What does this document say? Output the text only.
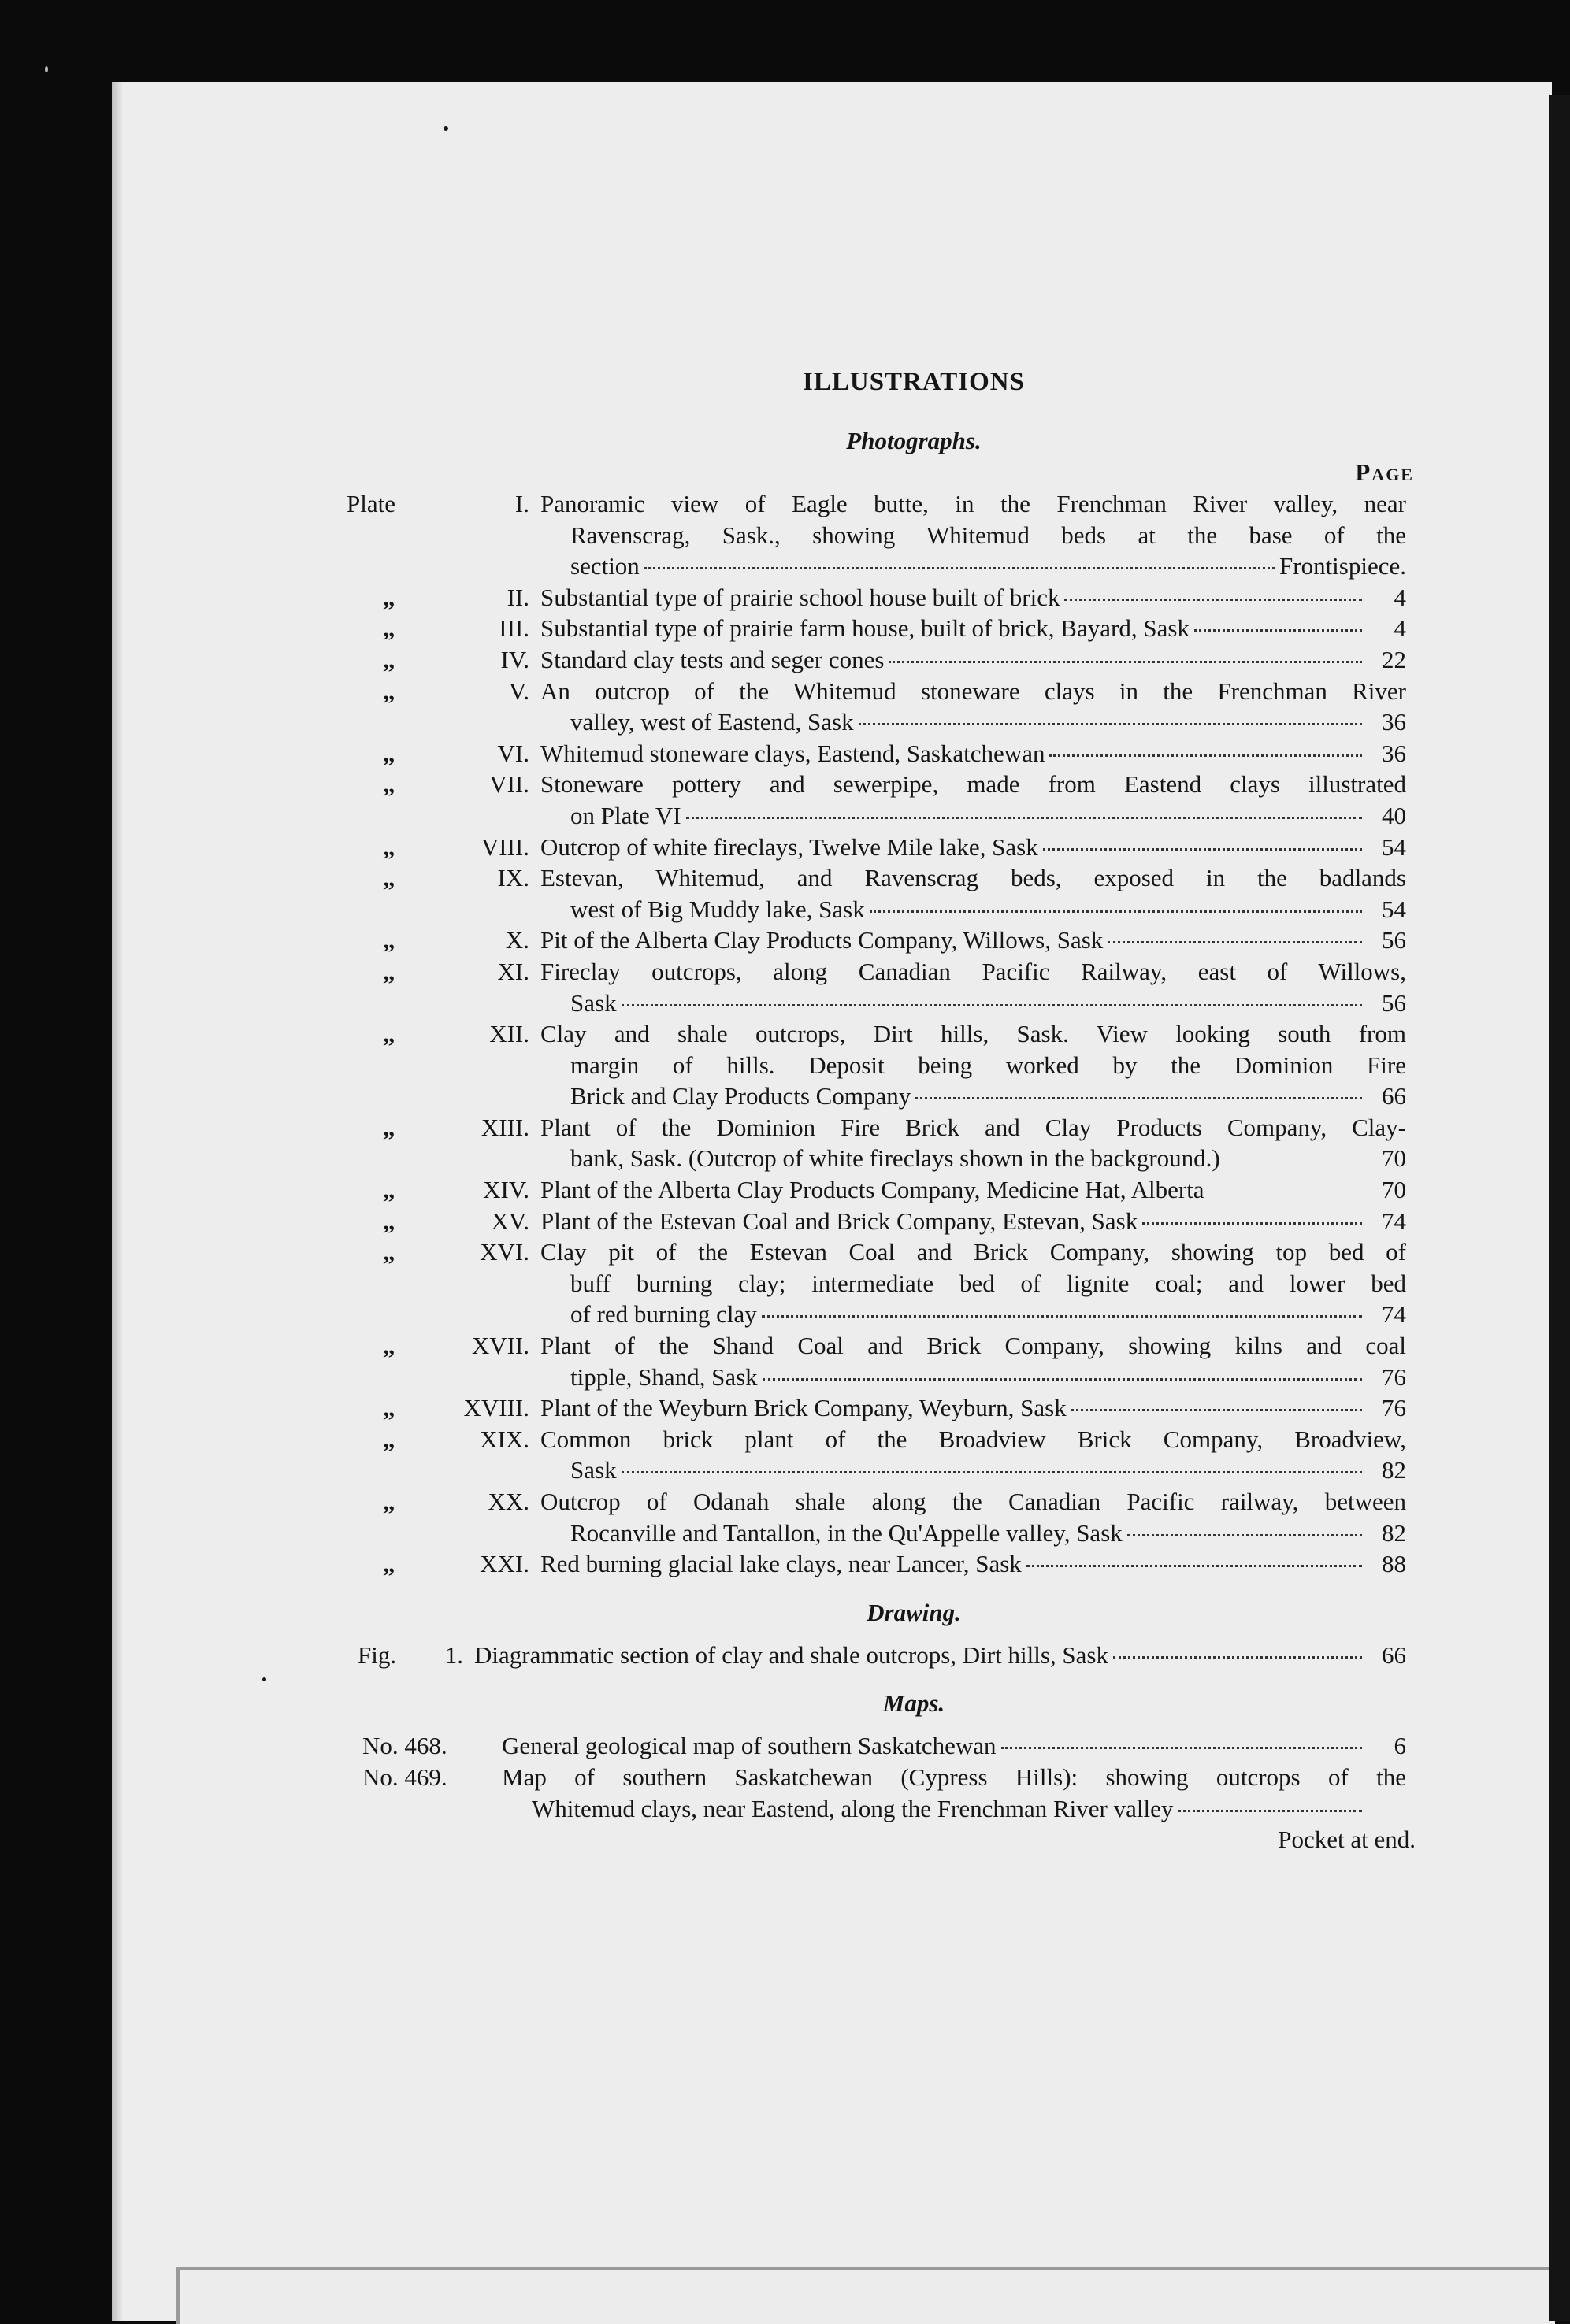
ILLUSTRATIONS
Photographs.
Page
Plate	I. Panoramic view of Eagle butte, in the Frenchman River valley, near
Ravenscrag, Sask., showing Whitemud beds at the base of the
section	Frontispiece.
„	II. Substantial type of prairie school house built of brick	4
„	III. Substantial type of prairie farm house, built of brick, Bayard, Sask	4
„	IV. Standard clay tests and seger cones	22
„	V. An outcrop of the Whitemud stoneware clays in the Frenchman River
valley, west of Eastend, Sask	36
„	VI. Whitemud stoneware clays, Eastend, Saskatchewan	36
„	VII. Stoneware pottery and sewerpipe, made from Eastend clays illustrated
on Plate VI	40
„	VIII. Outcrop of white fireclays, Twelve Mile lake, Sask	54
„	IX. Estevan, Whitemud, and Ravenscrag beds, exposed in the badlands
west of Big Muddy lake, Sask	54
„	X. Pit of the Alberta Clay Products Company, Willows, Sask	56
„	XI. Fireclay outcrops, along Canadian Pacific Railway, east of Willows,
Sask	56
„	XII. Clay and shale outcrops, Dirt hills, Sask. View looking south from
margin of hills. Deposit being worked by the Dominion Fire
Brick and Clay Products Company	66
„	XIII. Plant of the Dominion Fire Brick and Clay Products Company, Clay-
bank, Sask. (Outcrop of white fireclays shown in the background.)	70
„	XIV. Plant of the Alberta Clay Products Company, Medicine Hat, Alberta	70
„	XV. Plant of the Estevan Coal and Brick Company, Estevan, Sask	74
„	XVI. Clay pit of the Estevan Coal and Brick Company, showing top bed of
buff burning clay; intermediate bed of lignite coal; and lower bed
of red burning clay	74
„	XVII. Plant of the Shand Coal and Brick Company, showing kilns and coal
tipple, Shand, Sask	76
„	XVIII. Plant of the Weyburn Brick Company, Weyburn, Sask	76
„	XIX. Common brick plant of the Broadview Brick Company, Broadview,
Sask	82
„	XX. Outcrop of Odanah shale along the Canadian Pacific railway, between
Rocanville and Tantallon, in the Qu'Appelle valley, Sask	82
„	XXI. Red burning glacial lake clays, near Lancer, Sask	88
Drawing.
Fig.	1. Diagrammatic section of clay and shale outcrops, Dirt hills, Sask	66
Maps.
No. 468.	General geological map of southern Saskatchewan	6
No. 469.	Map of southern Saskatchewan (Cypress Hills): showing outcrops of the
Whitemud clays, near Eastend, along the Frenchman River valley
Pocket at end.
